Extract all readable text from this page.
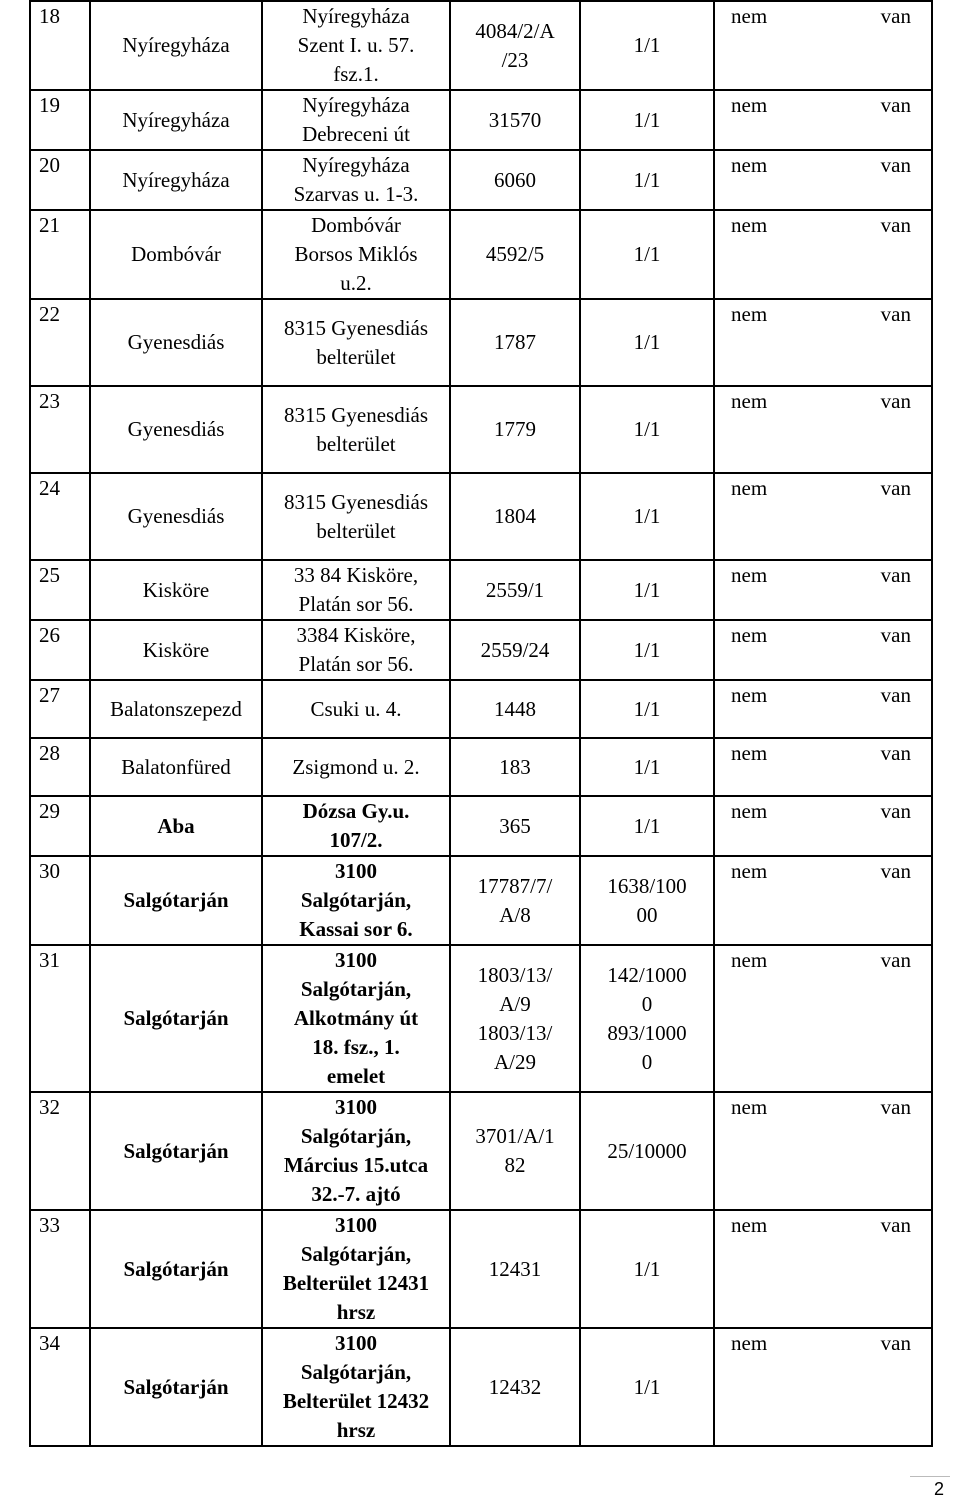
18	Nyíregyháza	Nyíregyháza
Szent I. u. 57.
fsz.1.	4084/2/A
/23	1/1	nem van

19	Nyíregyháza	Nyíregyháza
Debreceni út	31570	1/1	nem van

20	Nyíregyháza	Nyíregyháza
Szarvas u. 1-3.	6060	1/1	nem van

21	Dombóvár	Dombóvár
Borsos Miklós
u.2.	4592/5	1/1	nem van

22	Gyenesdiás	8315 Gyenesdiás
belterület	1787	1/1	nem van

23	Gyenesdiás	8315 Gyenesdiás
belterület	1779	1/1	nem van

24	Gyenesdiás	8315 Gyenesdiás
belterület	1804	1/1	nem van

25	Kisköre	33 84 Kisköre,
Platán sor 56.	2559/1	1/1	nem van

26	Kisköre	3384 Kisköre,
Platán sor 56.	2559/24	1/1	nem van

27	Balatonszepezd	Csuki u. 4.	1448	1/1	nem van

28	Balatonfüred	Zsigmond u. 2.	183	1/1	nem van

29	Aba	Dózsa Gy.u.
107/2.	365	1/1	nem van

30	Salgótarján	3100
Salgótarján,
Kassai sor 6.	17787/7/
A/8	1638/100
00	nem van

31	Salgótarján	3100
Salgótarján,
Alkotmány út
18. fsz., 1.
emelet	1803/13/
A/9
1803/13/
A/29	142/1000
0
893/1000
0	nem van

32	Salgótarján	3100
Salgótarján,
Március 15.utca
32.-7. ajtó	3701/A/1
82	25/10000	nem van

33	Salgótarján	3100
Salgótarján,
Belterület 12431
hrsz	12431	1/1	nem van

34	Salgótarján	3100
Salgótarján,
Belterület 12432
hrsz	12432	1/1	nem van
2
